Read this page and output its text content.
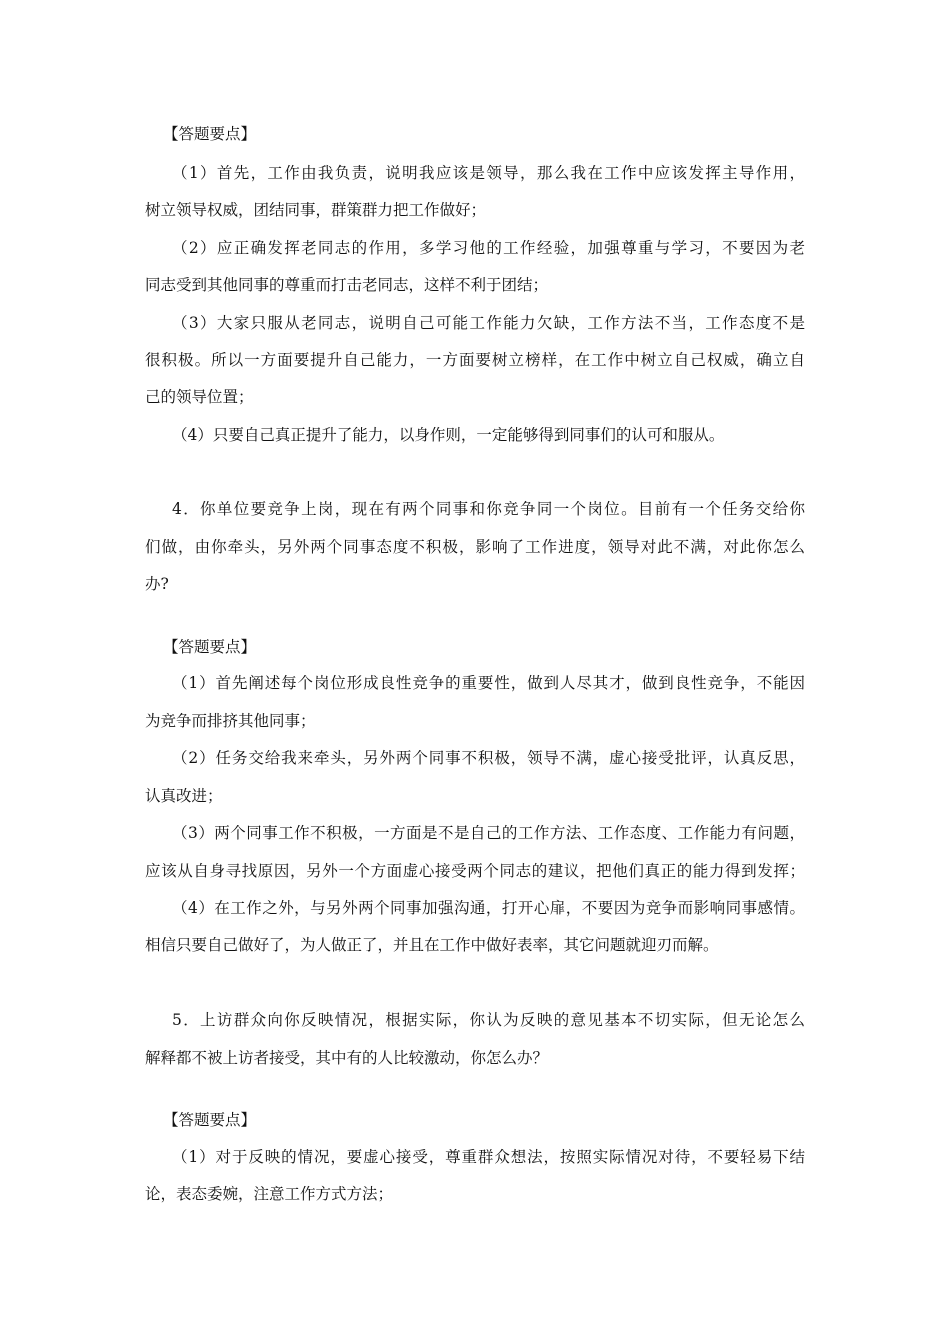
【答题要点】
（1）首先，工作由我负责，说明我应该是领导，那么我在工作中应该发挥主导作用，
树立领导权威，团结同事，群策群力把工作做好；
（2）应正确发挥老同志的作用，多学习他的工作经验，加强尊重与学习，不要因为老
同志受到其他同事的尊重而打击老同志，这样不利于团结；
（3）大家只服从老同志，说明自己可能工作能力欠缺，工作方法不当，工作态度不是
很积极。所以一方面要提升自己能力，一方面要树立榜样，在工作中树立自己权威，确立自
己的领导位置；
（4）只要自己真正提升了能力，以身作则，一定能够得到同事们的认可和服从。
4．你单位要竞争上岗，现在有两个同事和你竞争同一个岗位。目前有一个任务交给你
们做，由你牵头，另外两个同事态度不积极，影响了工作进度，领导对此不满，对此你怎么
办?
【答题要点】
（1）首先阐述每个岗位形成良性竞争的重要性，做到人尽其才，做到良性竞争，不能因
为竞争而排挤其他同事；
（2）任务交给我来牵头，另外两个同事不积极，领导不满，虚心接受批评，认真反思，
认真改进；
（3）两个同事工作不积极，一方面是不是自己的工作方法、工作态度、工作能力有问题，
应该从自身寻找原因，另外一个方面虚心接受两个同志的建议，把他们真正的能力得到发挥；
（4）在工作之外，与另外两个同事加强沟通，打开心扉，不要因为竞争而影响同事感情。
相信只要自己做好了，为人做正了，并且在工作中做好表率，其它问题就迎刃而解。
5．上访群众向你反映情况，根据实际，你认为反映的意见基本不切实际，但无论怎么
解释都不被上访者接受，其中有的人比较激动，你怎么办？
【答题要点】
（1）对于反映的情况，要虚心接受，尊重群众想法，按照实际情况对待，不要轻易下结
论，表态委婉，注意工作方式方法；
